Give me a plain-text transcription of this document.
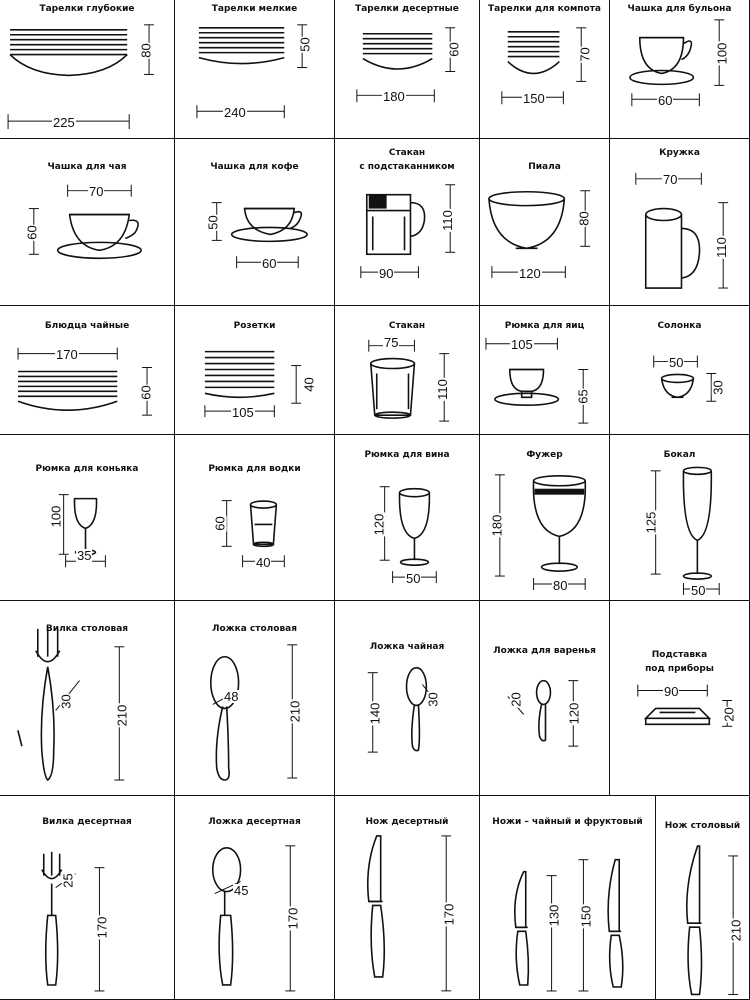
Тарелки глубокие
80
225
Тарелки мелкие
50
240
Тарелки десертные
60
180
Тарелки для компота
70
150
Чашка для бульона
100
60
Чашка для чая
70
60
Чашка для кофе
50
60
Стакан
с подстаканником
110
90
Пиала
80
120
Кружка
70
110
Блюдца чайные
170
60
Розетки
40
105
Стакан
75
110
Рюмка для яиц
105
65
Солонка
50
30
Рюмка для коньяка
100
35
Рюмка для водки
60
40
Рюмка для вина
120
50
Фужер
180
80
Бокал
125
50
Вилка столовая
30
210
Ложка столовая
48
210
Ложка чайная
140
30
Ложка для варенья
20
120
Подставка
под приборы
90
20
Вилка десертная
25
170
Ложка десертная
45
170
Нож десертный
170
Ножи – чайный и фруктовый
130 150
Нож столовый
210
